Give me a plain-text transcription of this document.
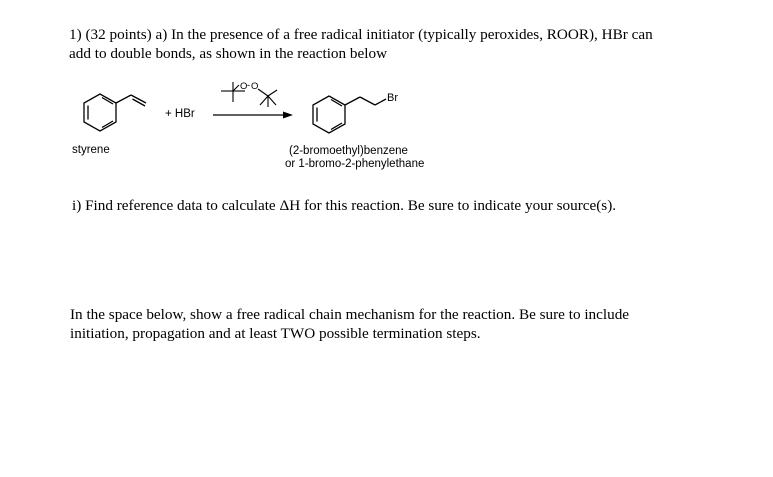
1) (32 points) a) In the presence of a free radical initiator (typically peroxides, ROOR), HBr can
add to double bonds, as shown in the reaction below
O - O
Br
+ HBr
styrene	(2-bromoethyl)benzene
or 1-bromo-2-phenylethane
i) Find reference data to calculate ΔH for this reaction. Be sure to indicate your source(s).
In the space below, show a free radical chain mechanism for the reaction. Be sure to include
initiation, propagation and at least TWO possible termination steps.
